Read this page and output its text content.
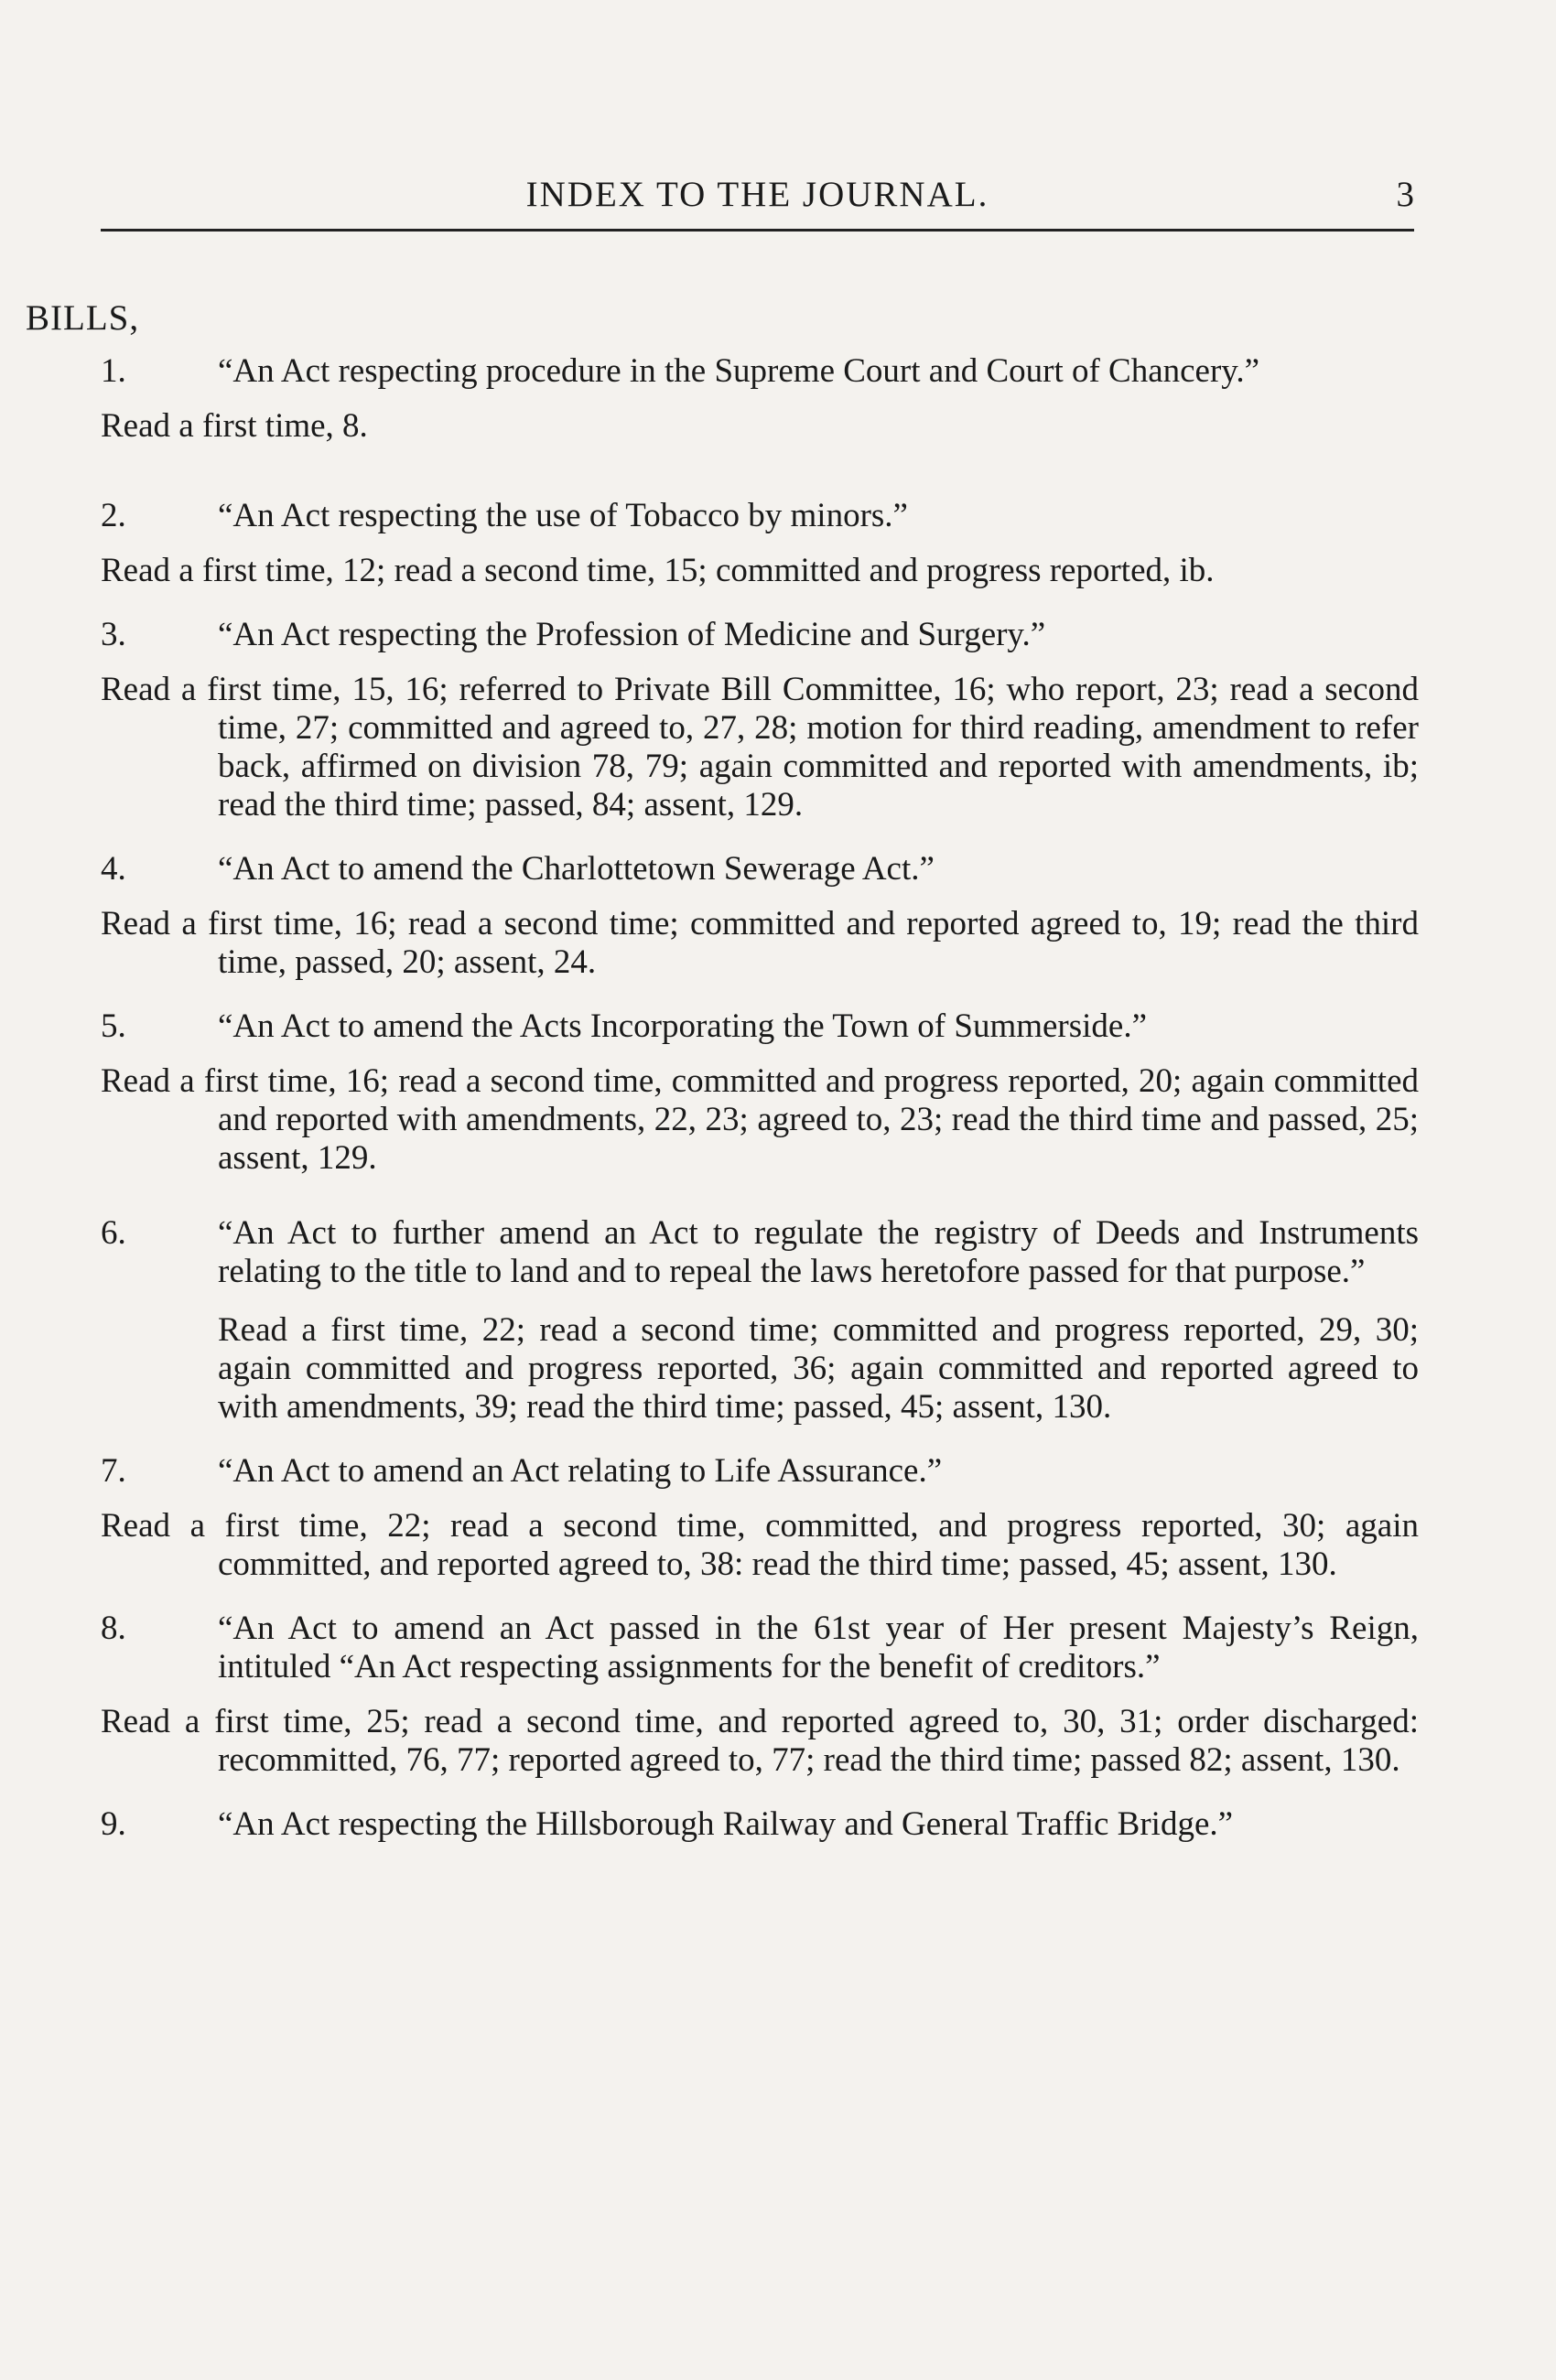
INDEX TO THE JOURNAL.	3
BILLS,

1.	“An Act respecting procedure in the Supreme Court and Court of Chancery.”

Read a first time, 8.

2.	“An Act respecting the use of Tobacco by minors.”

Read a first time, 12; read a second time, 15; committed and progress reported, ib.

3.	“An Act respecting the Profession of Medicine and Surgery.”

Read a first time, 15, 16; referred to Private Bill Committee, 16; who report, 23; read a second time, 27; committed and agreed to, 27, 28; motion for third reading, amendment to refer back, affirmed on division 78, 79; again committed and reported with amendments, ib; read the third time; passed, 84; assent, 129.

4.	“An Act to amend the Charlottetown Sewerage Act.”

Read a first time, 16; read a second time; committed and reported agreed to, 19; read the third time, passed, 20; assent, 24.

5.	“An Act to amend the Acts Incorporating the Town of Summerside.”

Read a first time, 16; read a second time, committed and progress reported, 20; again committed and reported with amendments, 22, 23; agreed to, 23; read the third time and passed, 25; assent, 129.

6.	“An Act to further amend an Act to regulate the registry of Deeds and Instruments relating to the title to land and to repeal the laws heretofore passed for that purpose.”

Read a first time, 22; read a second time; committed and progress reported, 29, 30; again committed and progress reported, 36; again committed and reported agreed to with amendments, 39; read the third time; passed, 45; assent, 130.

7.	“An Act to amend an Act relating to Life Assurance.”

Read a first time, 22; read a second time, committed, and progress reported, 30; again committed, and reported agreed to, 38: read the third time; passed, 45; assent, 130.

8.	“An Act to amend an Act passed in the 61st year of Her present Majesty’s Reign, intituled “An Act respecting assignments for the benefit of creditors.”

Read a first time, 25; read a second time, and reported agreed to, 30, 31; order discharged: recommitted, 76, 77; reported agreed to, 77; read the third time; passed 82; assent, 130.

9.	“An Act respecting the Hillsborough Railway and General Traffic Bridge.”
